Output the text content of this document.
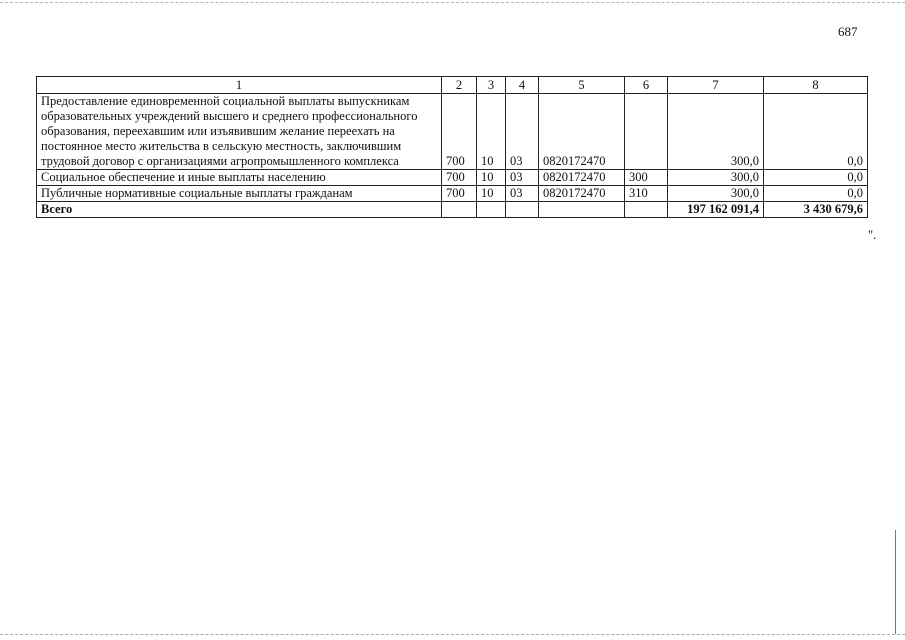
687
1	2	3	4	5	6	7	8
Предоставление единовременной социальной выплаты выпускникам образовательных учреждений высшего и среднего профессионального образования, переехавшим или изъявившим желание переехать на постоянное место жительства в сельскую местность, заключившим трудовой договор с организациями агропромышленного комплекса	700	10	03	0820172470		300,0	0,0
Социальное обеспечение и иные выплаты населению	700	10	03	0820172470	300	300,0	0,0
Публичные нормативные социальные выплаты гражданам	700	10	03	0820172470	310	300,0	0,0
Всего						197 162 091,4	3 430 679,6
".
